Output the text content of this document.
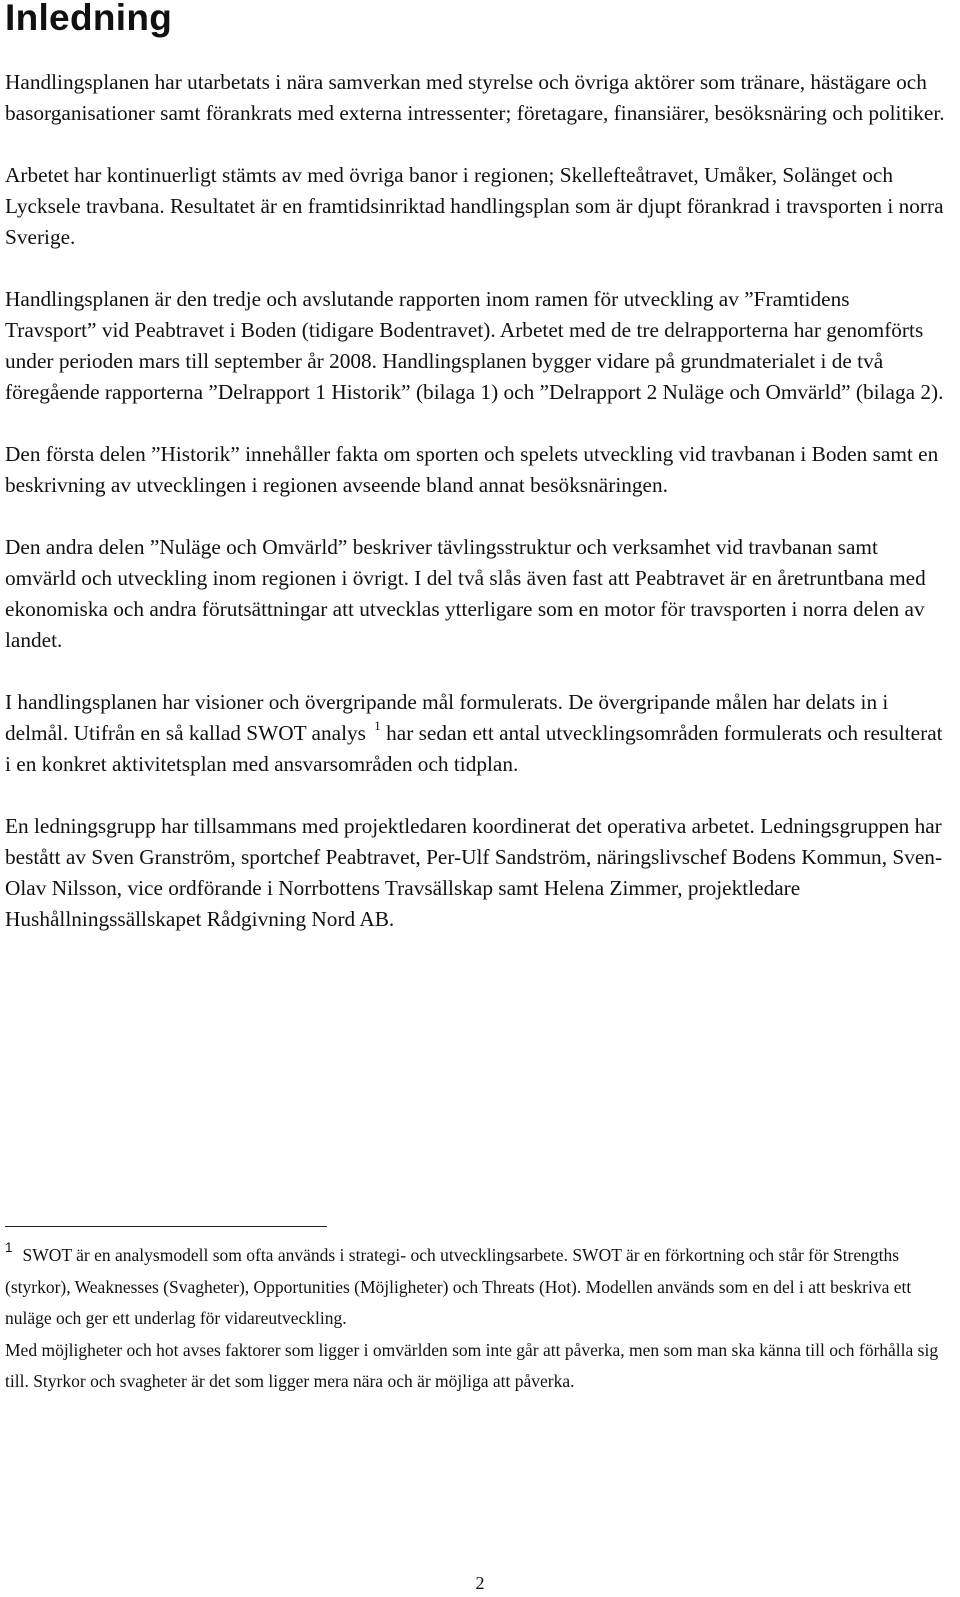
Inledning

Handlingsplanen har utarbetats i nära samverkan med styrelse och övriga aktörer som tränare, hästägare och basorganisationer samt förankrats med externa intressenter; företagare, finansiärer, besöksnäring och politiker.

Arbetet har kontinuerligt stämts av med övriga banor i regionen; Skellefteåtravet, Umåker, Solänget och Lycksele travbana. Resultatet är en framtidsinriktad handlingsplan som är djupt förankrad i travsporten i norra Sverige.

Handlingsplanen är den tredje och avslutande rapporten inom ramen för utveckling av ”Framtidens Travsport” vid Peabtravet i Boden (tidigare Bodentravet). Arbetet med de tre delrapporterna har genomförts under perioden mars till september år 2008. Handlingsplanen bygger vidare på grundmaterialet i de två föregående rapporterna ”Delrapport 1 Historik” (bilaga 1) och ”Delrapport 2 Nuläge och Omvärld” (bilaga 2).

Den första delen ”Historik” innehåller fakta om sporten och spelets utveckling vid travbanan i Boden samt en beskrivning av utvecklingen i regionen avseende bland annat besöksnäringen.

Den andra delen ”Nuläge och Omvärld” beskriver tävlingsstruktur och verksamhet vid travbanan samt omvärld och utveckling inom regionen i övrigt. I del två slås även fast att Peabtravet är en åretruntbana med ekonomiska och andra förutsättningar att utvecklas ytterligare som en motor för travsporten i norra delen av landet.

I handlingsplanen har visioner och övergripande mål formulerats. De övergripande målen har delats in i delmål. Utifrån en så kallad SWOT analys $^1$ har sedan ett antal utvecklingsområden formulerats och resulterat i en konkret aktivitetsplan med ansvarsområden och tidplan.

En ledningsgrupp har tillsammans med projektledaren koordinerat det operativa arbetet. Ledningsgruppen har bestått av Sven Granström, sportchef Peabtravet, Per-Ulf Sandström, näringslivschef Bodens Kommun, Sven-Olav Nilsson, vice ordförande i Norrbottens Travsällskap samt Helena Zimmer, projektledare Hushållningssällskapet Rådgivning Nord AB.

$^1$ SWOT är en analysmodell som ofta används i strategi- och utvecklingsarbete. SWOT är en förkortning och står för Strengths (styrkor), Weaknesses (Svagheter), Opportunities (Möjligheter) och Threats (Hot). Modellen används som en del i att beskriva ett nuläge och ger ett underlag för vidareutveckling.

Med möjligheter och hot avses faktorer som ligger i omvärlden som inte går att påverka, men som man ska känna till och förhålla sig till. Styrkor och svagheter är det som ligger mera nära och är möjliga att påverka.

2
